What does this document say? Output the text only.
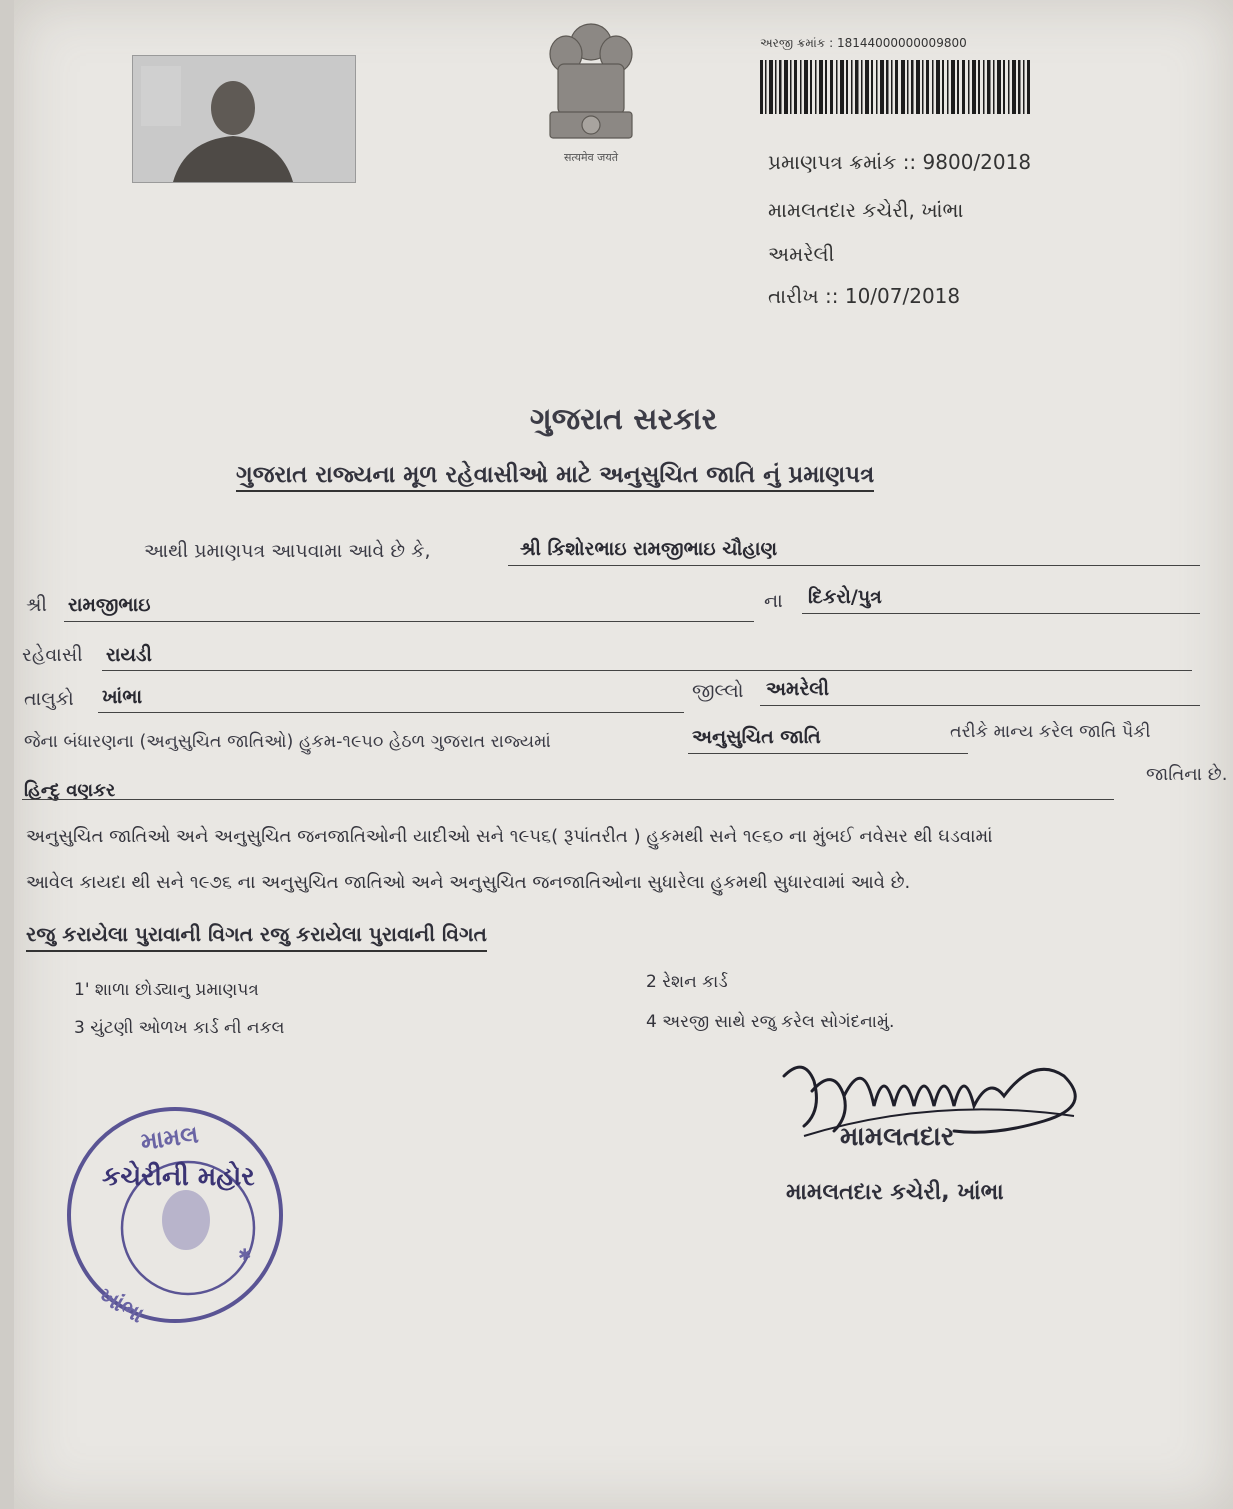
सत्यमेव जयते
અરજી ક્રમાંક : 18144000000009800
પ્રમાણપત્ર ક્રમાંક :: 9800/2018
મામલતદાર કચેરી, ખાંભા
અમરેલી
તારીખ :: 10/07/2018
ગુજરાત સરકાર
ગુજરાત રાજ્યના મૂળ રહેવાસીઓ માટે અનુસુચિત જાતિ નું પ્રમાણપત્ર
આથી પ્રમાણપત્ર આપવામા આવે છે કે,	શ્રી કિશોરભાઇ રામજીભાઇ ચૌહાણ
શ્રી રામજીભાઇ	ના દિકરો/પુત્ર
રહેવાસી રાયડી
તાલુકો ખાંભા	જીલ્લો અમરેલી
જેના બંધારણના (અનુસુચિત જાતિઓ) હુકમ-૧૯૫૦ હેઠળ ગુજરાત રાજ્યમાં	અનુસુચિત જાતિ	તરીકે માન્ય કરેલ જાતિ પૈકી
હિન્દુ વણકર
જાતિના છે.
અનુસુચિત જાતિઓ અને અનુસુચિત જનજાતિઓની યાદીઓ સને ૧૯૫૬( રૂપાંતરીત ) હુકમથી સને ૧૯૬૦ ના મુંબઈ નવેસર થી ઘડવામાં
આવેલ કાયદા થી સને ૧૯૭૬ ના અનુસુચિત જાતિઓ અને અનુસુચિત જનજાતિઓના સુધારેલા હુકમથી સુધારવામાં આવે છે.
રજુ કરાયેલા પુરાવાની વિગત રજુ કરાયેલા પુરાવાની વિગત
1' શાળા છોડ્યાનુ પ્રમાણપત્ર	2 રેશન કાર્ડ
3 ચુંટણી ઓળખ કાર્ડ ની નકલ	4 અરજી સાથે રજુ કરેલ સોગંદનામું.
મામલતદાર
મામલતદાર કચેરી, ખાંભા
મામલ
ખાંભા
✱
કચેરીની મહોર
